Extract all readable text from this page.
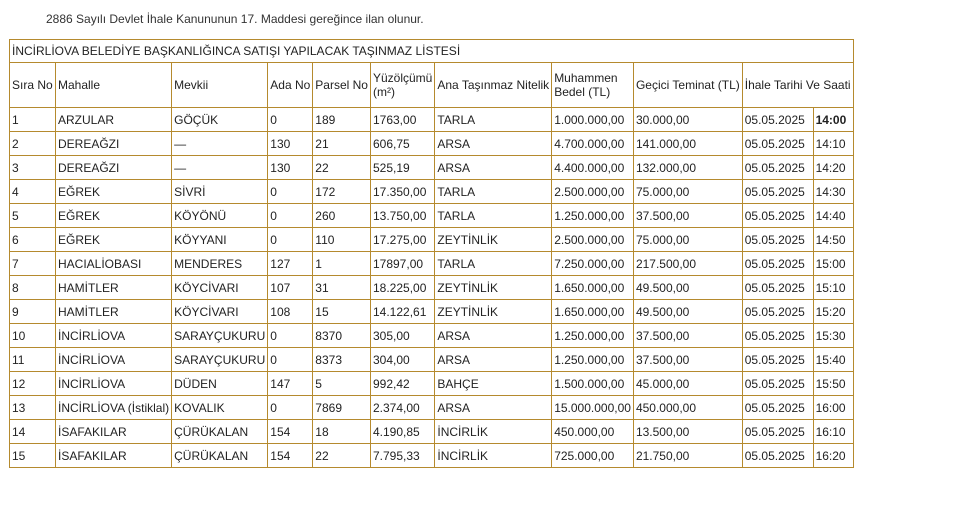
2886 Sayılı Devlet İhale Kanununun 17. Maddesi gereğince ilan olunur.
İNCİRLİOVA BELEDİYE BAŞKANLIĞINCA SATIŞI YAPILACAK TAŞINMAZ LİSTESİ										
Sıra No	Mahalle	Mevkii	Ada No	Parsel No	Yüzölçümü (m²)	Ana Taşınmaz Nitelik	Muhammen Bedel (TL)	Geçici Teminat (TL)	İhale Tarihi Ve Saati	
1	ARZULAR	GÖÇÜK	0	189	1763,00	TARLA	1.000.000,00	30.000,00	05.05.2025	14:00
2	DEREAĞZI	—	130	21	606,75	ARSA	4.700.000,00	141.000,00	05.05.2025	14:10
3	DEREAĞZI	—	130	22	525,19	ARSA	4.400.000,00	132.000,00	05.05.2025	14:20
4	EĞREK	SİVRİ	0	172	17.350,00	TARLA	2.500.000,00	75.000,00	05.05.2025	14:30
5	EĞREK	KÖYÖNÜ	0	260	13.750,00	TARLA	1.250.000,00	37.500,00	05.05.2025	14:40
6	EĞREK	KÖYYANI	0	110	17.275,00	ZEYTİNLİK	2.500.000,00	75.000,00	05.05.2025	14:50
7	HACIALİOBASI	MENDERES	127	1	17897,00	TARLA	7.250.000,00	217.500,00	05.05.2025	15:00
8	HAMİTLER	KÖYCİVARI	107	31	18.225,00	ZEYTİNLİK	1.650.000,00	49.500,00	05.05.2025	15:10
9	HAMİTLER	KÖYCİVARI	108	15	14.122,61	ZEYTİNLİK	1.650.000,00	49.500,00	05.05.2025	15:20
10	İNCİRLİOVA	SARAYÇUKURU	0	8370	305,00	ARSA	1.250.000,00	37.500,00	05.05.2025	15:30
11	İNCİRLİOVA	SARAYÇUKURU	0	8373	304,00	ARSA	1.250.000,00	37.500,00	05.05.2025	15:40
12	İNCİRLİOVA	DÜDEN	147	5	992,42	BAHÇE	1.500.000,00	45.000,00	05.05.2025	15:50
13	İNCİRLİOVA (İstiklal)	KOVALIK	0	7869	2.374,00	ARSA	15.000.000,00	450.000,00	05.05.2025	16:00
14	İSAFAKILAR	ÇÜRÜKALAN	154	18	4.190,85	İNCİRLİK	450.000,00	13.500,00	05.05.2025	16:10
15	İSAFAKILAR	ÇÜRÜKALAN	154	22	7.795,33	İNCİRLİK	725.000,00	21.750,00	05.05.2025	16:20
